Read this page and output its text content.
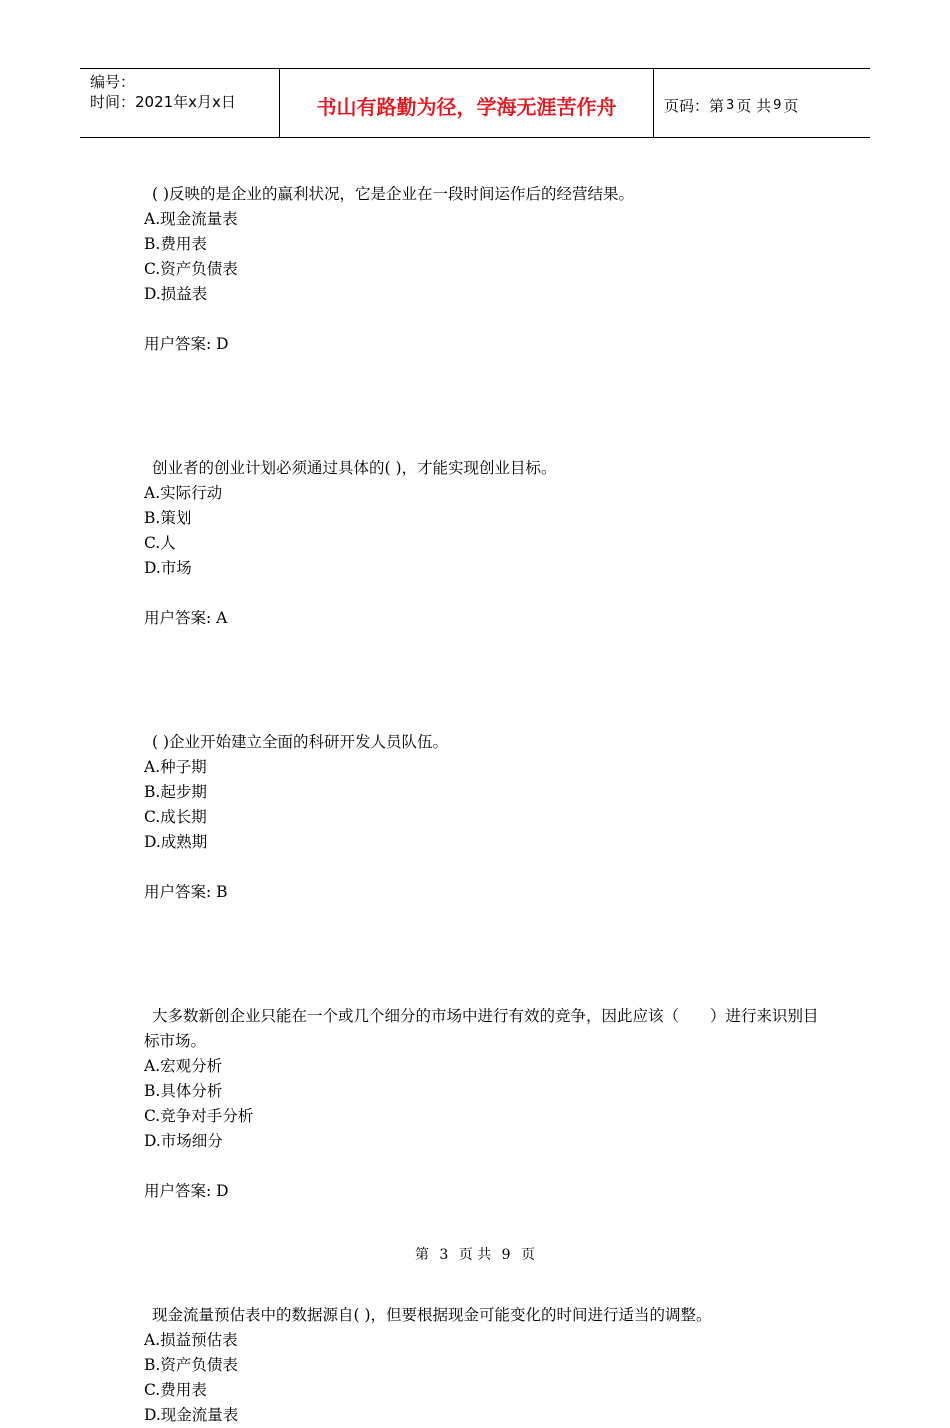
编号：
时间：2021年x月x日	书山有路勤为径，学海无涯苦作舟	页码：第 3 页 共 9 页
( )反映的是企业的赢利状况，它是企业在一段时间运作后的经营结果。
A.现金流量表
B.费用表
C.资产负债表
D.损益表
用户答案: D
创业者的创业计划必须通过具体的( )，才能实现创业目标。
A.实际行动
B.策划
C.人
D.市场
用户答案: A
( )企业开始建立全面的科研开发人员队伍。
A.种子期
B.起步期
C.成长期
D.成熟期
用户答案: B
大多数新创企业只能在一个或几个细分的市场中进行有效的竞争，因此应该（　　）进行来识别目标市场。
A.宏观分析
B.具体分析
C.竞争对手分析
D.市场细分
用户答案: D
现金流量预估表中的数据源自( )，但要根据现金可能变化的时间进行适当的调整。
A.损益预估表
B.资产负债表
C.费用表
D.现金流量表
第 3 页 共 9 页
